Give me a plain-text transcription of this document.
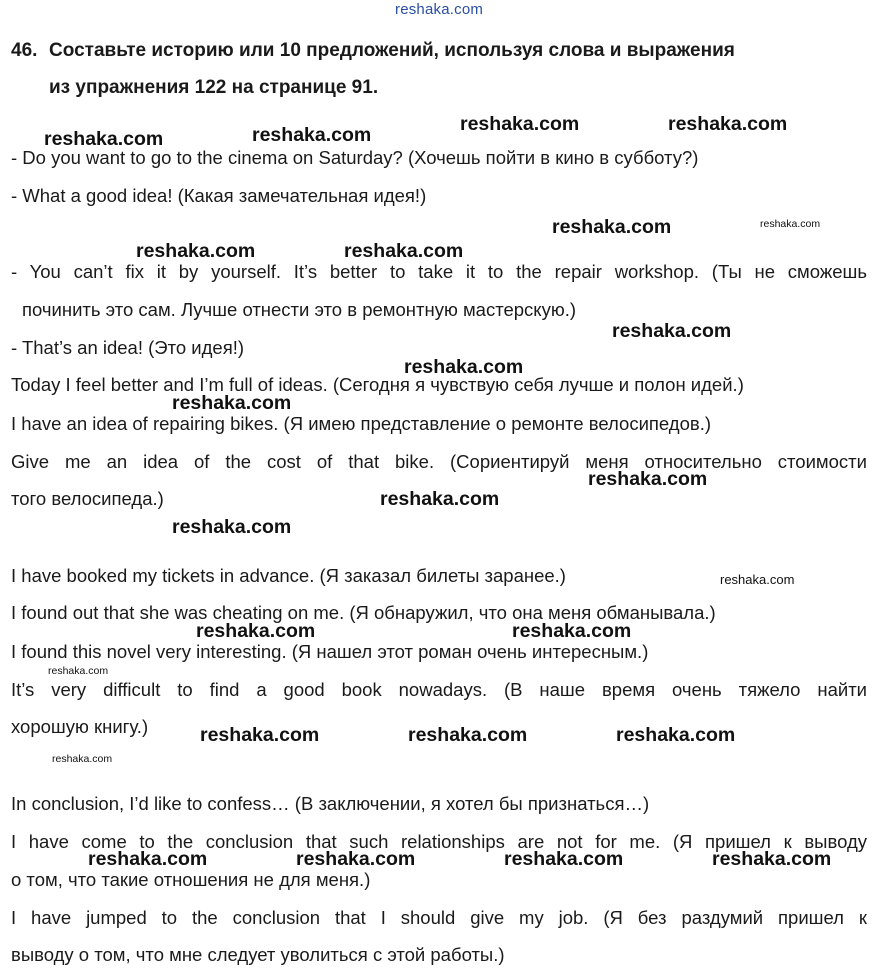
reshaka.com
46. Составьте историю или 10 предложений, используя слова и выражения
из упражнения 122 на странице 91.
- Do you want to go to the cinema on Saturday? (Хочешь пойти в кино в субботу?)
- What a good idea! (Какая замечательная идея!)
- You can’t fix it by yourself. It’s better to take it to the repair workshop. (Ты не сможешь
починить это сам. Лучше отнести это в ремонтную мастерскую.)
- That’s an idea! (Это идея!)
Today I feel better and I’m full of ideas. (Сегодня я чувствую себя лучше и полон идей.)
I have an idea of repairing bikes. (Я имею представление о ремонте велосипедов.)
Give me an idea of the cost of that bike. (Сориентируй меня относительно стоимости
того велосипеда.)
I have booked my tickets in advance. (Я заказал билеты заранее.)
I found out that she was cheating on me. (Я обнаружил, что она меня обманывала.)
I found this novel very interesting. (Я нашел этот роман очень интересным.)
It’s very difficult to find a good book nowadays. (В наше время очень тяжело найти
хорошую книгу.)
In conclusion, I’d like to confess… (В заключении, я хотел бы признаться…)
I have come to the conclusion that such relationships are not for me. (Я пришел к выводу
о том, что такие отношения не для меня.)
I have jumped to the conclusion that I should give my job. (Я без раздумий пришел к
выводу о том, что мне следует уволиться с этой работы.)
reshaka.com	reshaka.com	reshaka.com	reshaka.com
reshaka.com	reshaka.com
reshaka.com	reshaka.com
reshaka.com
reshaka.com
reshaka.com
reshaka.com
reshaka.com
reshaka.com
reshaka.com
reshaka.com	reshaka.com
reshaka.com
reshaka.com	reshaka.com	reshaka.com
reshaka.com
reshaka.com	reshaka.com	reshaka.com	reshaka.com
